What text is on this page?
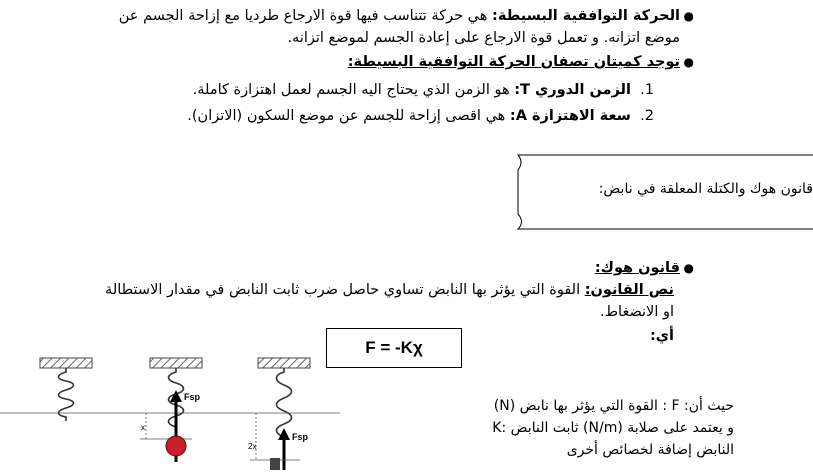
●
الحركة التوافقية البسيطة: هي حركة تتناسب فيها قوة الارجاع طرديا مع إزاحة الجسم عن
موضع اتزانه. و تعمل قوة الارجاع على إعادة الجسم لموضع اتزانه.
●
توجد كميتان تصفان الحركة التوافقية البسيطة:
1.  الزمن الدوري T: هو الزمن الذي يحتاج اليه الجسم لعمل اهتزازة كاملة.
2.  سعة الاهتزازة A: هي اقصى إزاحة للجسم عن موضع السكون (الاتزان).
قانون هوك والكتلة المعلقة في نابض:
●
قانون هوك:
نص القانون: القوة التي يؤثر بها النابض تساوي حاصل ضرب ثابت النابض في مقدار الاستطالة
او الانضغاط.
أي:
F = -Kχ
حيث أن: F : القوة التي يؤثر بها نابض (N)
K: ثابت النابض (N/m) و يعتمد على صلابة
النابض إضافة لخصائص أخرى
Fsp
x
Fsp
2x
